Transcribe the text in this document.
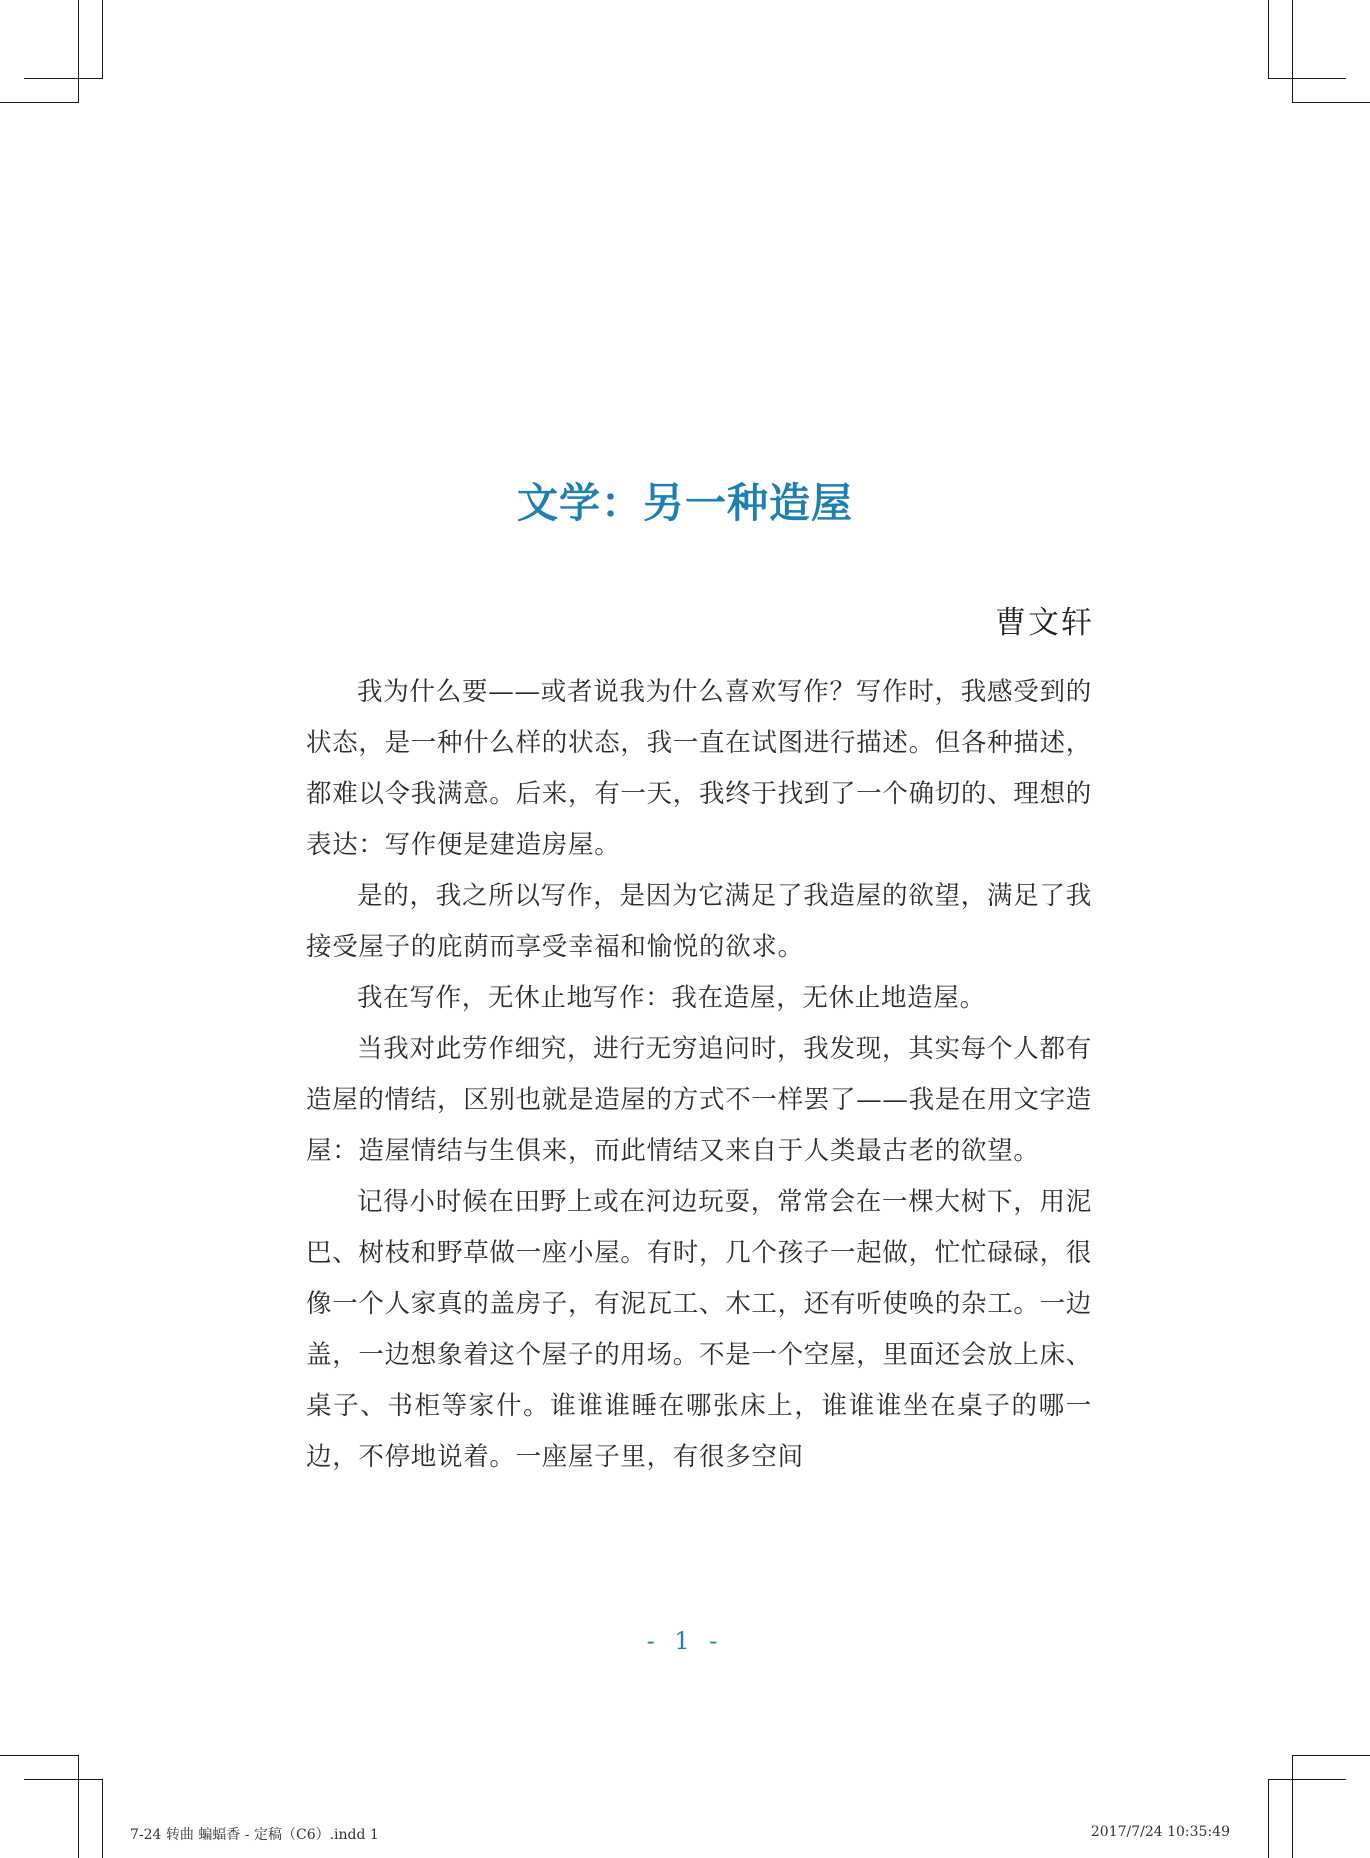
文学：另一种造屋
曹文轩

我为什么要——或者说我为什么喜欢写作？写作时，我感受到的状态，是一种什么样的状态，我一直在试图进行描述。但各种描述，都难以令我满意。后来，有一天，我终于找到了一个确切的、理想的表达：写作便是建造房屋。

是的，我之所以写作，是因为它满足了我造屋的欲望，满足了我接受屋子的庇荫而享受幸福和愉悦的欲求。

我在写作，无休止地写作：我在造屋，无休止地造屋。

当我对此劳作细究，进行无穷追问时，我发现，其实每个人都有造屋的情结，区别也就是造屋的方式不一样罢了——我是在用文字造屋：造屋情结与生俱来，而此情结又来自于人类最古老的欲望。

记得小时候在田野上或在河边玩耍，常常会在一棵大树下，用泥巴、树枝和野草做一座小屋。有时，几个孩子一起做，忙忙碌碌，很像一个人家真的盖房子，有泥瓦工、木工，还有听使唤的杂工。一边盖，一边想象着这个屋子的用场。不是一个空屋，里面还会放上床、桌子、书柜等家什。谁谁谁睡在哪张床上，谁谁谁坐在桌子的哪一边，不停地说着。一座屋子里，有很多空间

- 1 -
7-24 转曲 蝙蝠香 - 定稿（C6）.indd 1	2017/7/24 10:35:49
